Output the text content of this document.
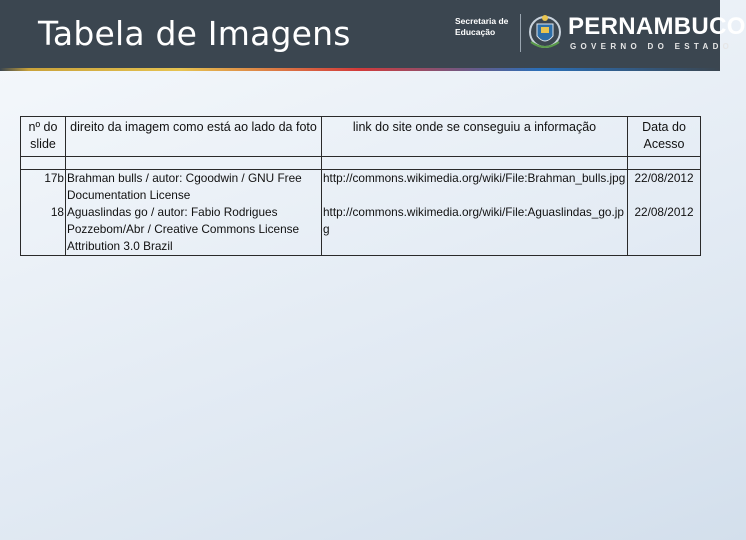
Tabela de Imagens	Secretaria de
Educação	PERNAMBUCO
GOVERNO DO ESTADO
nº do slide	direito da imagem como está ao lado da foto	link do site onde se conseguiu a informação	Data do Acesso

17b	Brahman bulls / autor: Cgoodwin / GNU Free Documentation License	http://commons.wikimedia.org/wiki/File:Brahman_bulls.jpg	22/08/2012
18	Aguaslindas go / autor: Fabio Rodrigues Pozzebom/Abr / Creative Commons License Attribution 3.0 Brazil	http://commons.wikimedia.org/wiki/File:Aguaslindas_go.jpg	22/08/2012
